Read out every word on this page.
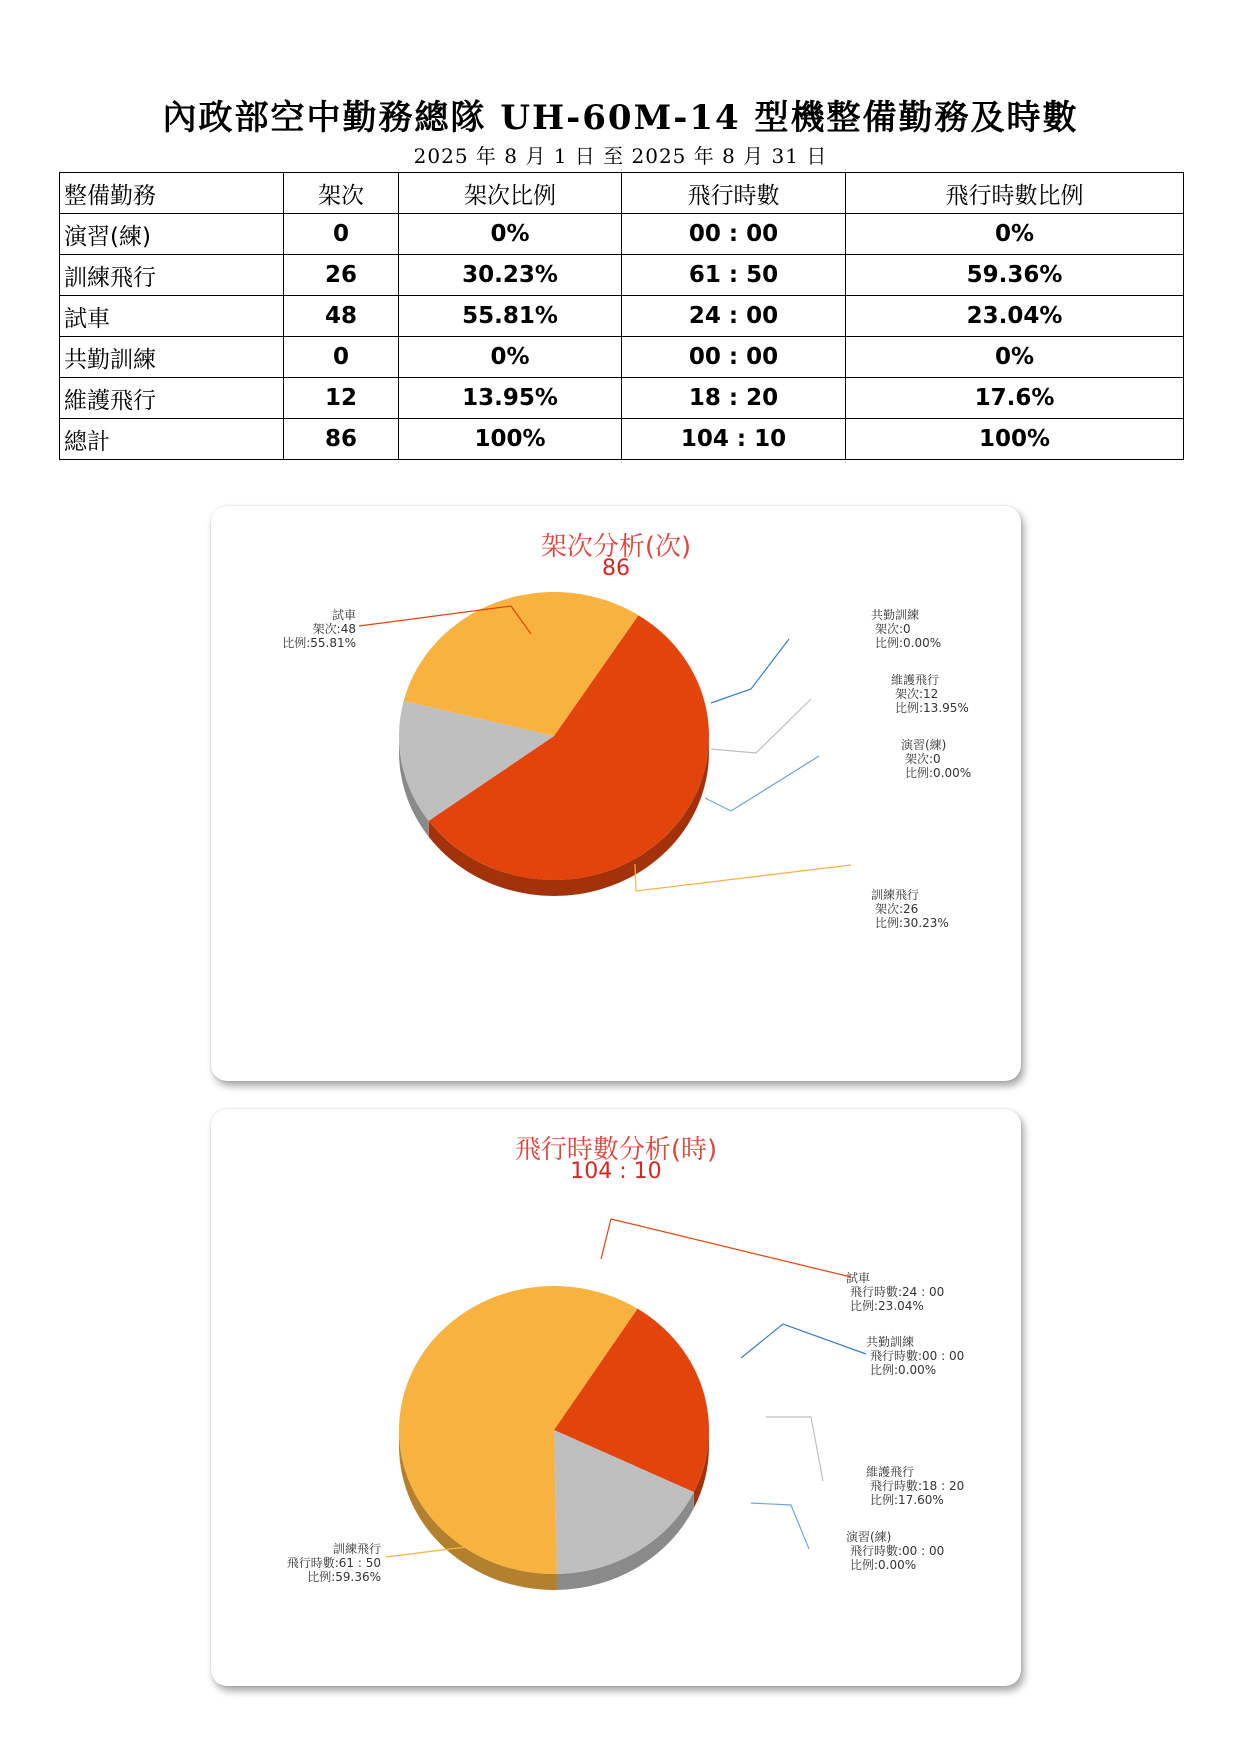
內政部空中勤務總隊 UH-60M-14 型機整備勤務及時數
2025 年 8 月 1 日 至 2025 年 8 月 31 日
整備勤務	架次	架次比例	飛行時數	飛行時數比例
演習(練)	0	0%	00 : 00	0%
訓練飛行	26	30.23%	61 : 50	59.36%
試車	48	55.81%	24 : 00	23.04%
共勤訓練	0	0%	00 : 00	0%
維護飛行	12	13.95%	18 : 20	17.6%
總計	86	100%	104 : 10	100%
架次分析(次)
86
試車架次:48 比例:55.81%
共勤訓練架次:0 比例:0.00%
維護飛行架次:12 比例:13.95%
演習(練)架次:0 比例:0.00%
訓練飛行架次:26 比例:30.23%
飛行時數分析(時)
104 : 10
試車飛行時數:24 : 00 比例:23.04%
共勤訓練飛行時數:00 : 00 比例:0.00%
維護飛行飛行時數:18 : 20 比例:17.60%
演習(練)飛行時數:00 : 00 比例:0.00%
訓練飛行飛行時數:61 : 50 比例:59.36%
